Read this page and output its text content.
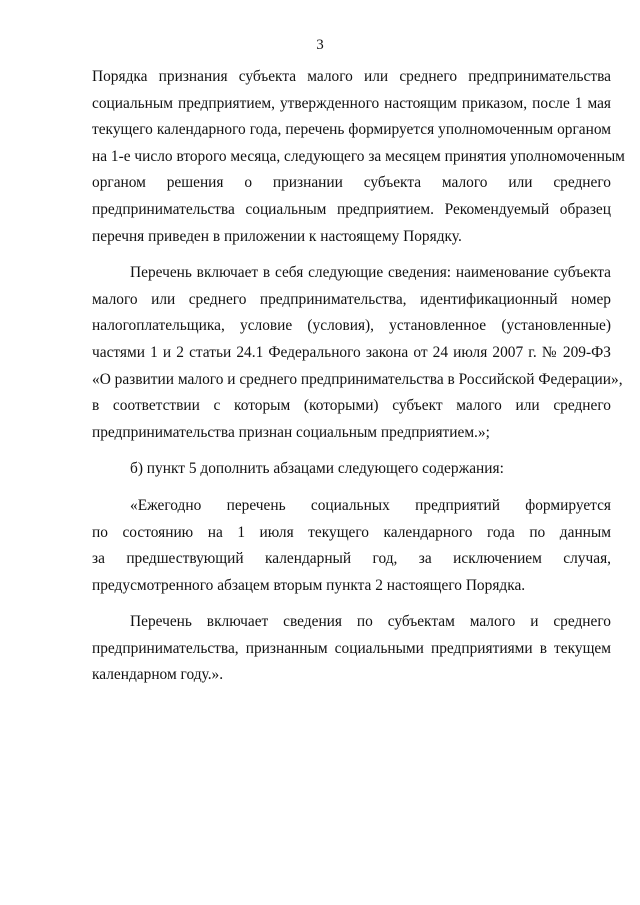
3
Порядка признания субъекта малого или среднего предпринимательства
социальным предприятием, утвержденного настоящим приказом, после 1 мая
текущего календарного года, перечень формируется уполномоченным органом
на 1-е число второго месяца, следующего за месяцем принятия уполномоченным
органом решения о признании субъекта малого или среднего
предпринимательства социальным предприятием. Рекомендуемый образец
перечня приведен в приложении к настоящему Порядку.
Перечень включает в себя следующие сведения: наименование субъекта
малого или среднего предпринимательства, идентификационный номер
налогоплательщика, условие (условия), установленное (установленные)
частями 1 и 2 статьи 24.1 Федерального закона от 24 июля 2007 г. № 209-ФЗ
«О развитии малого и среднего предпринимательства в Российской Федерации»,
в соответствии с которым (которыми) субъект малого или среднего
предпринимательства признан социальным предприятием.»;
б) пункт 5 дополнить абзацами следующего содержания:
«Ежегодно перечень социальных предприятий формируется
по состоянию на 1 июля текущего календарного года по данным
за предшествующий календарный год, за исключением случая,
предусмотренного абзацем вторым пункта 2 настоящего Порядка.
Перечень включает сведения по субъектам малого и среднего
предпринимательства, признанным социальными предприятиями в текущем
календарном году.».
